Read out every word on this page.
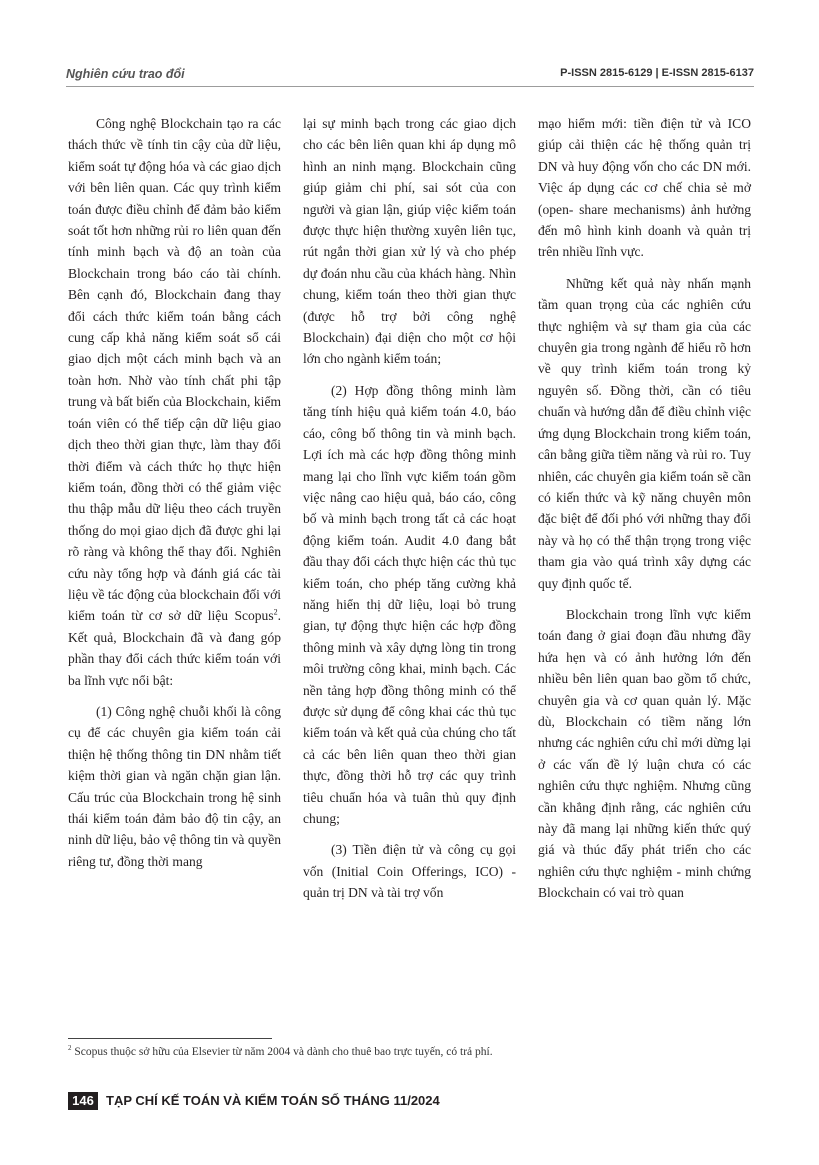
Nghiên cứu trao đổi	P-ISSN 2815-6129 | E-ISSN 2815-6137

Công nghệ Blockchain tạo ra các thách thức về tính tin cậy của dữ liệu, kiểm soát tự động hóa và các giao dịch với bên liên quan. Các quy trình kiểm toán được điều chỉnh để đảm bảo kiểm soát tốt hơn những rủi ro liên quan đến tính minh bạch và độ an toàn của Blockchain trong báo cáo tài chính. Bên cạnh đó, Blockchain đang thay đổi cách thức kiểm toán bằng cách cung cấp khả năng kiểm soát sổ cái giao dịch một cách minh bạch và an toàn hơn. Nhờ vào tính chất phi tập trung và bất biến của Blockchain, kiểm toán viên có thể tiếp cận dữ liệu giao dịch theo thời gian thực, làm thay đổi thời điểm và cách thức họ thực hiện kiểm toán, đồng thời có thể giảm việc thu thập mẫu dữ liệu theo cách truyền thống do mọi giao dịch đã được ghi lại rõ ràng và không thể thay đổi. Nghiên cứu này tổng hợp và đánh giá các tài liệu về tác động của blockchain đối với kiểm toán từ cơ sở dữ liệu Scopus$^2$. Kết quả, Blockchain đã và đang góp phần thay đổi cách thức kiểm toán với ba lĩnh vực nổi bật:

(1) Công nghệ chuỗi khối là công cụ để các chuyên gia kiểm toán cải thiện hệ thống thông tin DN nhằm tiết kiệm thời gian và ngăn chặn gian lận. Cấu trúc của Blockchain trong hệ sinh thái kiểm toán đảm bảo độ tin cậy, an ninh dữ liệu, bảo vệ thông tin và quyền riêng tư, đồng thời mang

lại sự minh bạch trong các giao dịch cho các bên liên quan khi áp dụng mô hình an ninh mạng. Blockchain cũng giúp giảm chi phí, sai sót của con người và gian lận, giúp việc kiểm toán được thực hiện thường xuyên liên tục, rút ngắn thời gian xử lý và cho phép dự đoán nhu cầu của khách hàng. Nhìn chung, kiểm toán theo thời gian thực (được hỗ trợ bởi công nghệ Blockchain) đại diện cho một cơ hội lớn cho ngành kiểm toán;

(2) Hợp đồng thông minh làm tăng tính hiệu quả kiểm toán 4.0, báo cáo, công bố thông tin và minh bạch. Lợi ích mà các hợp đồng thông minh mang lại cho lĩnh vực kiểm toán gồm việc nâng cao hiệu quả, báo cáo, công bố và minh bạch trong tất cả các hoạt động kiểm toán. Audit 4.0 đang bắt đầu thay đổi cách thực hiện các thủ tục kiểm toán, cho phép tăng cường khả năng hiển thị dữ liệu, loại bỏ trung gian, tự động thực hiện các hợp đồng thông minh và xây dựng lòng tin trong môi trường công khai, minh bạch. Các nền tảng hợp đồng thông minh có thể được sử dụng để công khai các thủ tục kiểm toán và kết quả của chúng cho tất cả các bên liên quan theo thời gian thực, đồng thời hỗ trợ các quy trình tiêu chuẩn hóa và tuân thủ quy định chung;

(3) Tiền điện tử và công cụ gọi vốn (Initial Coin Offerings, ICO) - quản trị DN và tài trợ vốn

mạo hiểm mới: tiền điện tử và ICO giúp cải thiện các hệ thống quản trị DN và huy động vốn cho các DN mới. Việc áp dụng các cơ chế chia sẻ mở (open- share mechanisms) ảnh hưởng đến mô hình kinh doanh và quản trị trên nhiều lĩnh vực.

Những kết quả này nhấn mạnh tầm quan trọng của các nghiên cứu thực nghiệm và sự tham gia của các chuyên gia trong ngành để hiểu rõ hơn về quy trình kiểm toán trong kỷ nguyên số. Đồng thời, cần có tiêu chuẩn và hướng dẫn để điều chỉnh việc ứng dụng Blockchain trong kiểm toán, cân bằng giữa tiềm năng và rủi ro. Tuy nhiên, các chuyên gia kiểm toán sẽ cần có kiến thức và kỹ năng chuyên môn đặc biệt để đối phó với những thay đổi này và họ có thể thận trọng trong việc tham gia vào quá trình xây dựng các quy định quốc tế.

Blockchain trong lĩnh vực kiểm toán đang ở giai đoạn đầu nhưng đầy hứa hẹn và có ảnh hưởng lớn đến nhiều bên liên quan bao gồm tổ chức, chuyên gia và cơ quan quản lý. Mặc dù, Blockchain có tiềm năng lớn nhưng các nghiên cứu chỉ mới dừng lại ở các vấn đề lý luận chưa có các nghiên cứu thực nghiệm. Nhưng cũng cần khẳng định rằng, các nghiên cứu này đã mang lại những kiến thức quý giá và thúc đẩy phát triển cho các nghiên cứu thực nghiệm - minh chứng Blockchain có vai trò quan

$^2$ Scopus thuộc sở hữu của Elsevier từ năm 2004 và dành cho thuê bao trực tuyến, có trả phí.
146 TẠP CHÍ KẾ TOÁN VÀ KIỂM TOÁN SỐ THÁNG 11/2024
